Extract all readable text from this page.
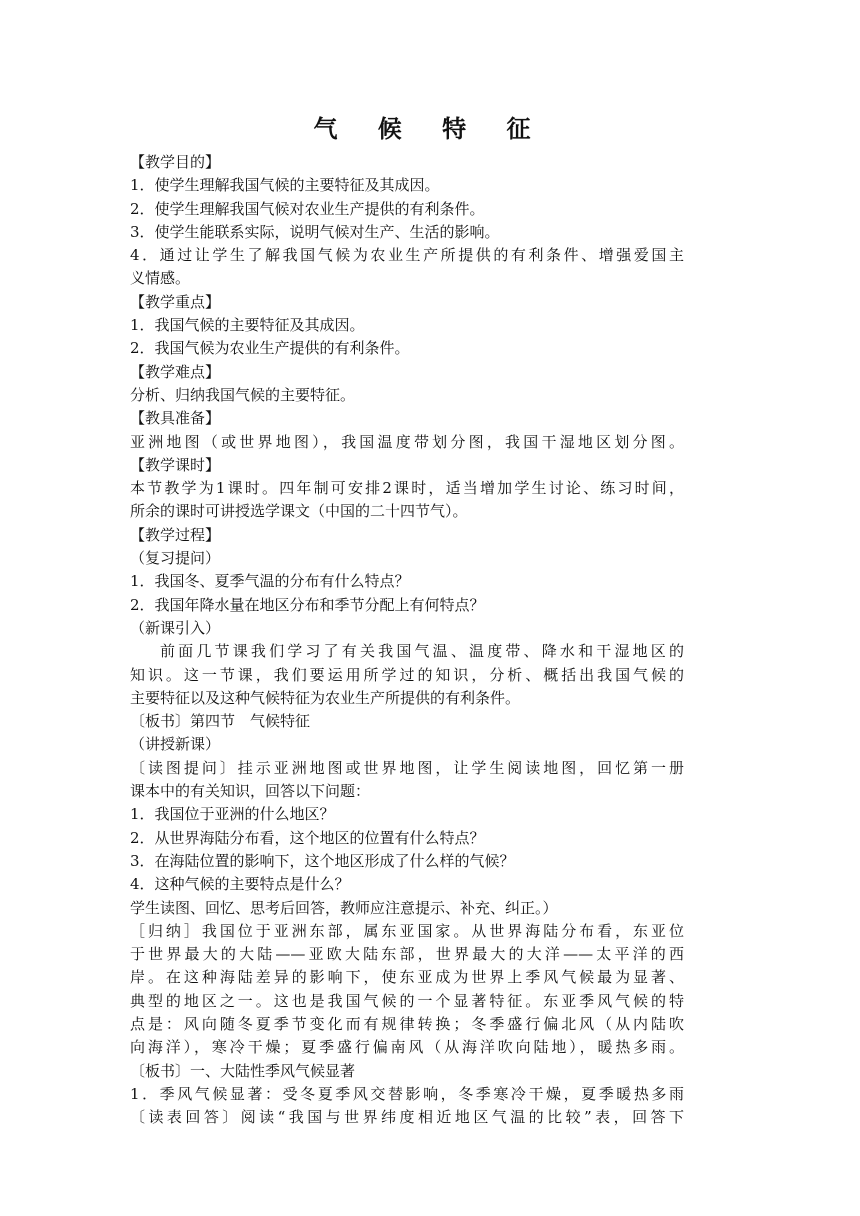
气 候 特 征
【教学目的】
1．使学生理解我国气候的主要特征及其成因。
2．使学生理解我国气候对农业生产提供的有利条件。
3．使学生能联系实际，说明气候对生产、生活的影响。
4．通过让学生了解我国气候为农业生产所提供的有利条件、增强爱国主
义情感。
【教学重点】
1．我国气候的主要特征及其成因。
2．我国气候为农业生产提供的有利条件。
【教学难点】
分析、归纳我国气候的主要特征。
【教具准备】
亚洲地图（或世界地图），我国温度带划分图，我国干湿地区划分图。
【教学课时】
本节教学为1课时。四年制可安排2课时，适当增加学生讨论、练习时间，
所余的课时可讲授选学课文（中国的二十四节气）。
【教学过程】
（复习提问）
1．我国冬、夏季气温的分布有什么特点？
2．我国年降水量在地区分布和季节分配上有何特点？
（新课引入）
前面几节课我们学习了有关我国气温、温度带、降水和干湿地区的
知识。这一节课，我们要运用所学过的知识，分析、概括出我国气候的
主要特征以及这种气候特征为农业生产所提供的有利条件。
〔板书〕第四节　气候特征
（讲授新课）
〔读图提问〕挂示亚洲地图或世界地图，让学生阅读地图，回忆第一册
课本中的有关知识，回答以下问题：
1．我国位于亚洲的什么地区？
2．从世界海陆分布看，这个地区的位置有什么特点？
3．在海陆位置的影响下，这个地区形成了什么样的气候？
4．这种气候的主要特点是什么？
学生读图、回忆、思考后回答，教师应注意提示、补充、纠正。）
［归纳］我国位于亚洲东部，属东亚国家。从世界海陆分布看，东亚位
于世界最大的大陆——亚欧大陆东部，世界最大的大洋——太平洋的西
岸。在这种海陆差异的影响下，使东亚成为世界上季风气候最为显著、
典型的地区之一。这也是我国气候的一个显著特征。东亚季风气候的特
点是：风向随冬夏季节变化而有规律转换；冬季盛行偏北风（从内陆吹
向海洋），寒冷干燥；夏季盛行偏南风（从海洋吹向陆地），暖热多雨。
〔板书〕一、大陆性季风气候显著
1．季风气候显著：受冬夏季风交替影响，冬季寒冷干燥，夏季暖热多雨
〔读表回答〕阅读“我国与世界纬度相近地区气温的比较”表，回答下
